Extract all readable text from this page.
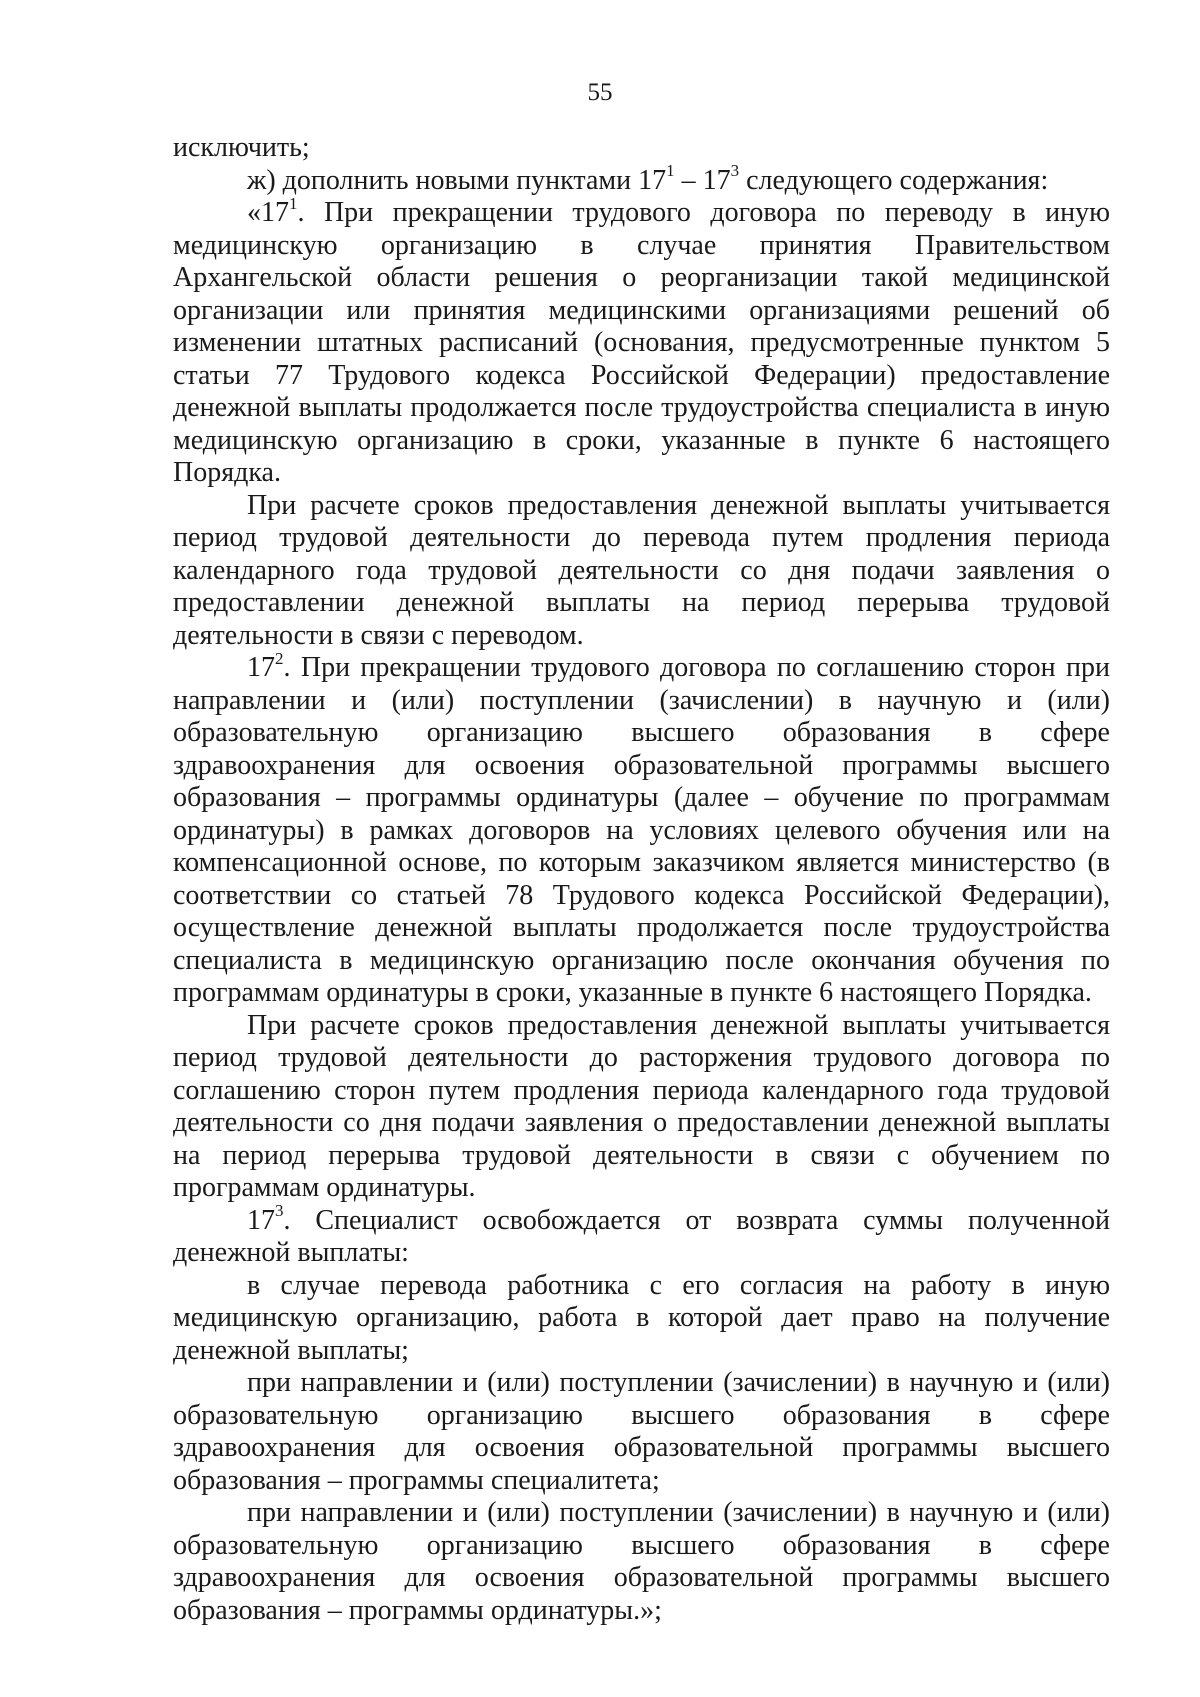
55

исключить;

ж) дополнить новыми пунктами $17^1 - 17^3$ следующего содержания:

«$17^1$. При прекращении трудового договора по переводу в иную медицинскую организацию в случае принятия Правительством Архангельской области решения о реорганизации такой медицинской организации или принятия медицинскими организациями решений об изменении штатных расписаний (основания, предусмотренные пунктом 5 статьи 77 Трудового кодекса Российской Федерации) предоставление денежной выплаты продолжается после трудоустройства специалиста в иную медицинскую организацию в сроки, указанные в пункте 6 настоящего Порядка.

При расчете сроков предоставления денежной выплаты учитывается период трудовой деятельности до перевода путем продления периода календарного года трудовой деятельности со дня подачи заявления о предоставлении денежной выплаты на период перерыва трудовой деятельности в связи с переводом.

$17^2$. При прекращении трудового договора по соглашению сторон при направлении и (или) поступлении (зачислении) в научную и (или) образовательную организацию высшего образования в сфере здравоохранения для освоения образовательной программы высшего образования – программы ординатуры (далее – обучение по программам ординатуры) в рамках договоров на условиях целевого обучения или на компенсационной основе, по которым заказчиком является министерство (в соответствии со статьей 78 Трудового кодекса Российской Федерации), осуществление денежной выплаты продолжается после трудоустройства специалиста в медицинскую организацию после окончания обучения по программам ординатуры в сроки, указанные в пункте 6 настоящего Порядка.

При расчете сроков предоставления денежной выплаты учитывается период трудовой деятельности до расторжения трудового договора по соглашению сторон путем продления периода календарного года трудовой деятельности со дня подачи заявления о предоставлении денежной выплаты на период перерыва трудовой деятельности в связи с обучением по программам ординатуры.

$17^3$. Специалист освобождается от возврата суммы полученной денежной выплаты:

в случае перевода работника с его согласия на работу в иную медицинскую организацию, работа в которой дает право на получение денежной выплаты;

при направлении и (или) поступлении (зачислении) в научную и (или) образовательную организацию высшего образования в сфере здравоохранения для освоения образовательной программы высшего образования – программы специалитета;

при направлении и (или) поступлении (зачислении) в научную и (или) образовательную организацию высшего образования в сфере здравоохранения для освоения образовательной программы высшего образования – программы ординатуры.»;
